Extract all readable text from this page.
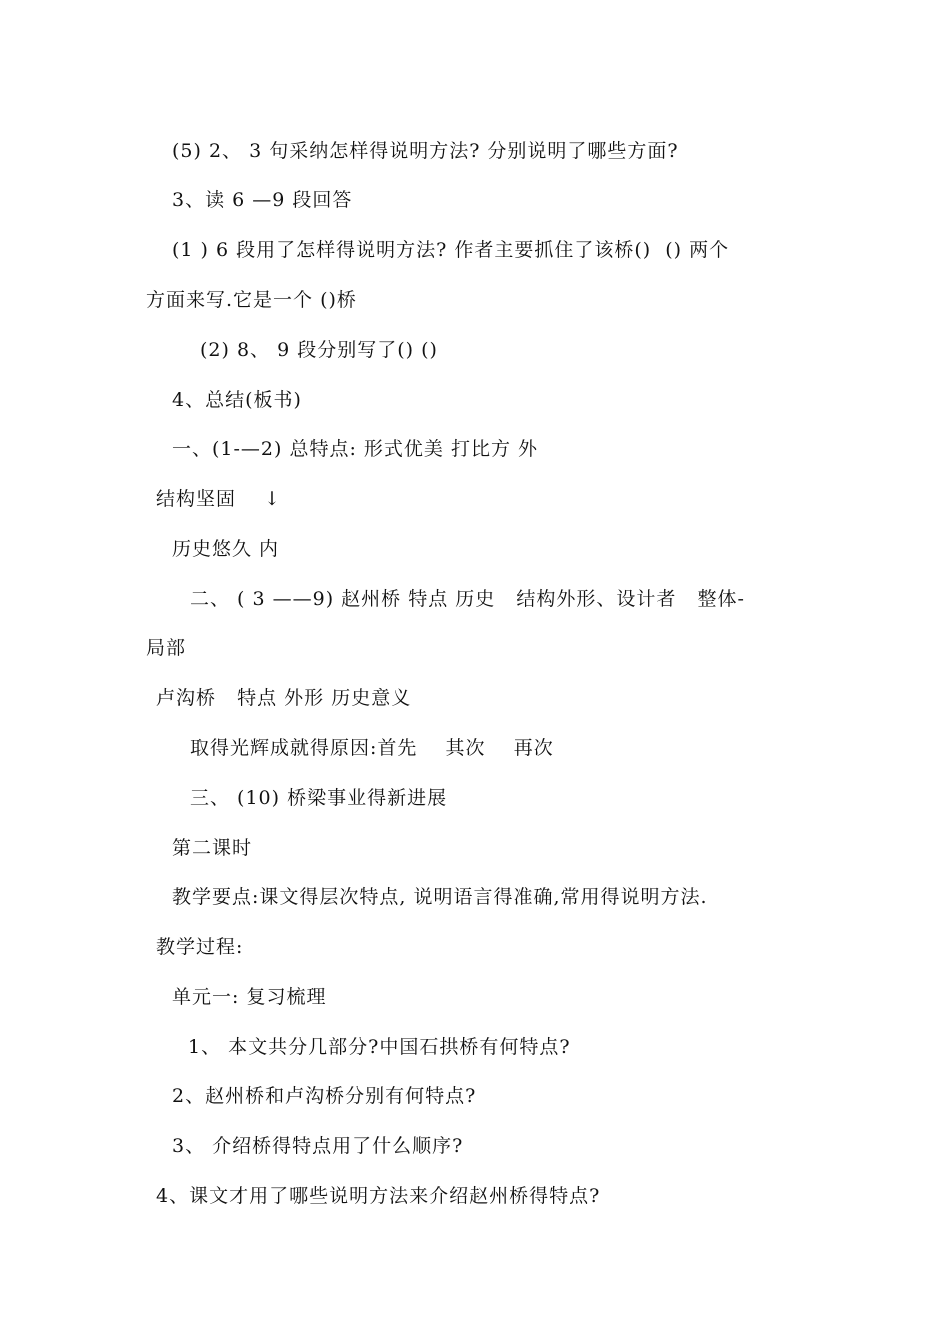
(5) 2、 3 句采纳怎样得说明方法? 分别说明了哪些方面?
3、读 6 —9 段回答
(1 ) 6 段用了怎样得说明方法? 作者主要抓住了该桥()  () 两个
方面来写.它是一个 ()桥
(2) 8、 9 段分别写了() ()
4、总结(板书)
一、(1-—2) 总特点: 形式优美 打比方 外
结构坚固    ↓
历史悠久 内
二、 ( 3 ——9) 赵州桥 特点 历史   结构外形、设计者   整体-
局部
卢沟桥   特点 外形 历史意义
取得光辉成就得原因:首先    其次    再次
三、 (10) 桥梁事业得新进展
第二课时
教学要点:课文得层次特点, 说明语言得准确,常用得说明方法.
教学过程:
单元一: 复习梳理
1、 本文共分几部分?中国石拱桥有何特点?
2、赵州桥和卢沟桥分别有何特点?
3、 介绍桥得特点用了什么顺序?
4、课文才用了哪些说明方法来介绍赵州桥得特点?
